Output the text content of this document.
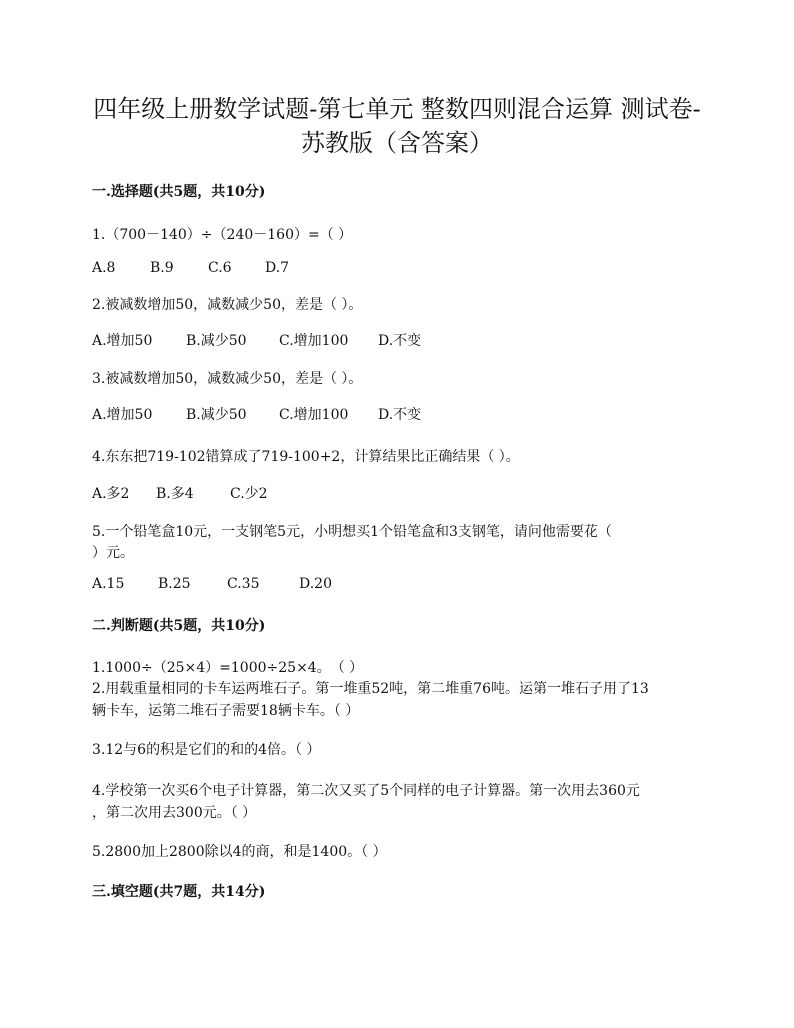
四年级上册数学试题-第七单元 整数四则混合运算 测试卷-
苏教版（含答案）
一.选择题(共5题，共10分)
1.（700－140）÷（240－160）=（ ）
A.8 B.9 C.6 D.7
2.被减数增加50，减数减少50，差是（ ）。
A.增加50 B.减少50 C.增加100 D.不变
3.被减数增加50，减数减少50，差是（ ）。
A.增加50 B.减少50 C.增加100 D.不变
4.东东把719-102错算成了719-100+2，计算结果比正确结果（ ）。
A.多2 B.多4	C.少2
5.一个铅笔盒10元，一支钢笔5元，小明想买1个铅笔盒和3支钢笔，请问他需要花（
）元。
A.15 B.25	C.35	D.20
二.判断题(共5题，共10分)
1.1000÷（25×4）=1000÷25×4。　（ ）
2.用载重量相同的卡车运两堆石子。第一堆重52吨，第二堆重76吨。运第一堆石子用了13
辆卡车，运第二堆石子需要18辆卡车。（ ）
3.12与6的积是它们的和的4倍。（ ）
4.学校第一次买6个电子计算器，第二次又买了5个同样的电子计算器。第一次用去360元
，第二次用去300元。（ ）
5.2800加上2800除以4的商，和是1400。（ ）
三.填空题(共7题，共14分)
